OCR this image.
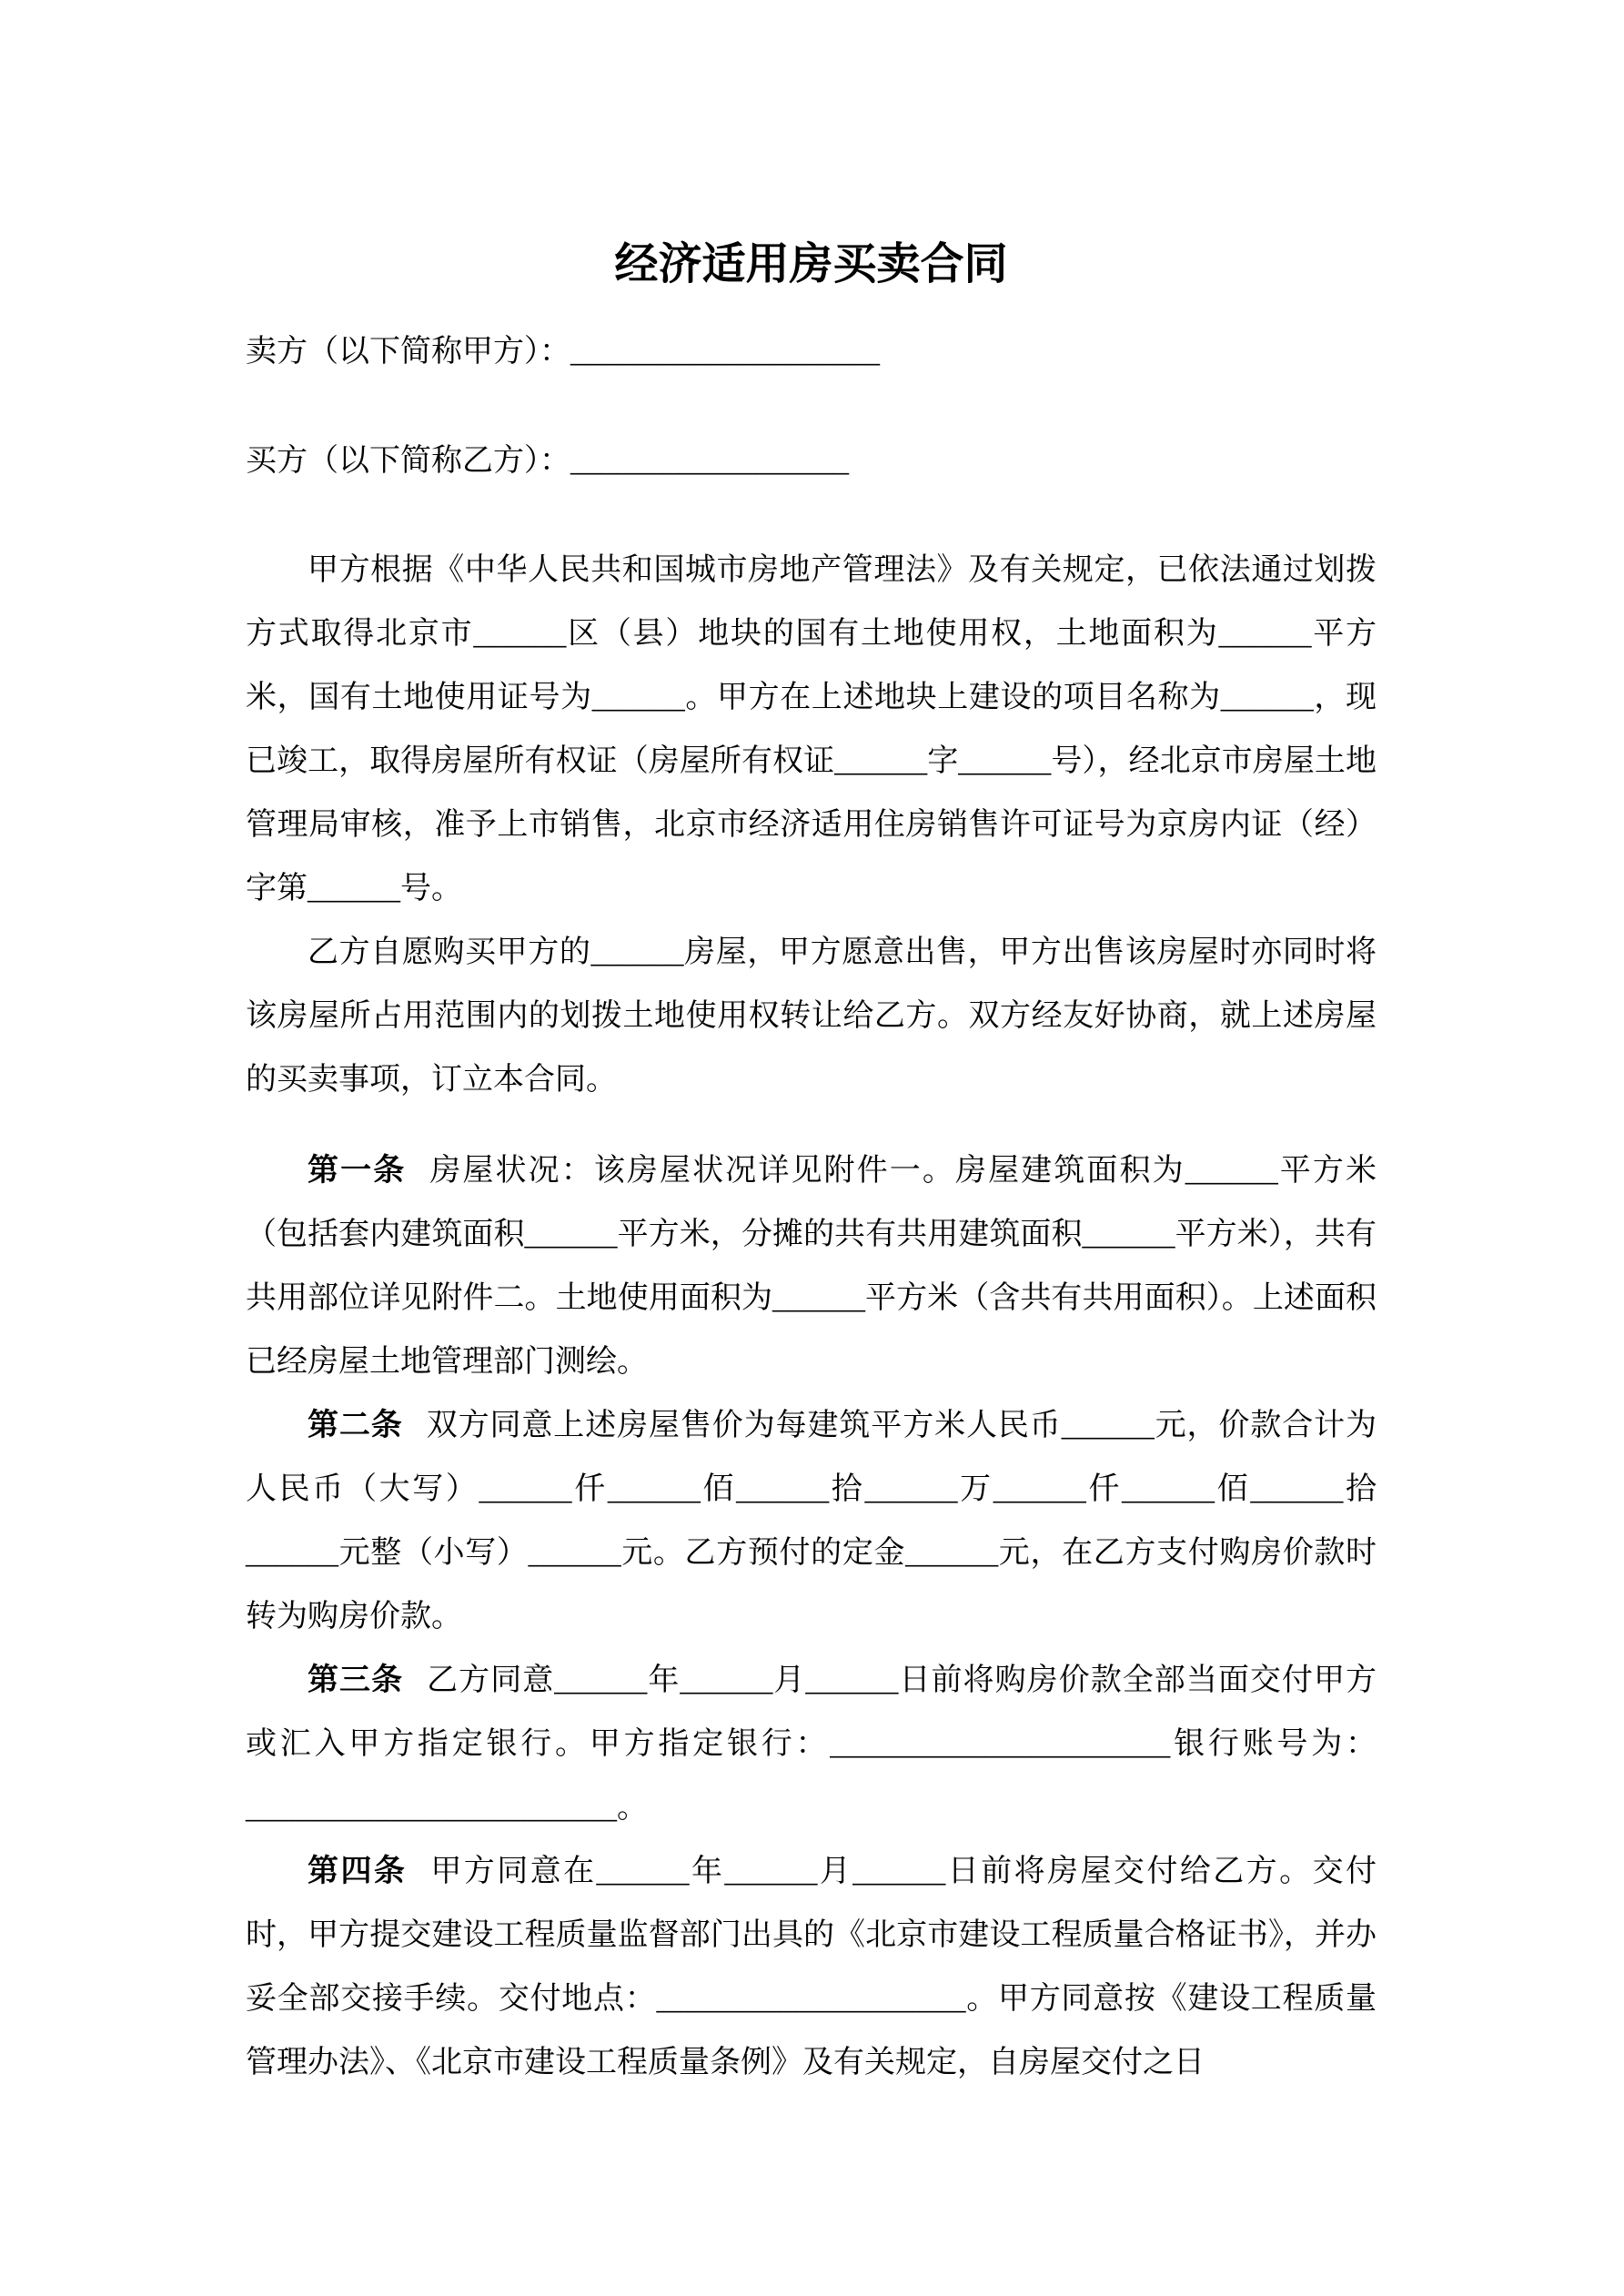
经济适用房买卖合同

卖方（以下简称甲方）：____________________

买方（以下简称乙方）：__________________

甲方根据《中华人民共和国城市房地产管理法》及有关规定，已依法通过划拨方式取得北京市______区（县）地块的国有土地使用权，土地面积为______平方米，国有土地使用证号为______。甲方在上述地块上建设的项目名称为______，现已竣工，取得房屋所有权证（房屋所有权证______字______号），经北京市房屋土地管理局审核，准予上市销售，北京市经济适用住房销售许可证号为京房内证（经）字第______号。

乙方自愿购买甲方的______房屋，甲方愿意出售，甲方出售该房屋时亦同时将该房屋所占用范围内的划拨土地使用权转让给乙方。双方经友好协商，就上述房屋的买卖事项，订立本合同。

第一条 房屋状况：该房屋状况详见附件一。房屋建筑面积为______平方米（包括套内建筑面积______平方米，分摊的共有共用建筑面积______平方米），共有共用部位详见附件二。土地使用面积为______平方米（含共有共用面积）。上述面积已经房屋土地管理部门测绘。

第二条 双方同意上述房屋售价为每建筑平方米人民币______元，价款合计为人民币（大写）______仟______佰______拾______万______仟______佰______拾______元整（小写）______元。乙方预付的定金______元，在乙方支付购房价款时转为购房价款。

第三条 乙方同意______年______月______日前将购房价款全部当面交付甲方或汇入甲方指定银行。甲方指定银行：______________________银行账号为：________________________。

第四条 甲方同意在______年______月______日前将房屋交付给乙方。交付时，甲方提交建设工程质量监督部门出具的《北京市建设工程质量合格证书》，并办妥全部交接手续。交付地点：____________________。甲方同意按《建设工程质量管理办法》、《北京市建设工程质量条例》及有关规定，自房屋交付之日
